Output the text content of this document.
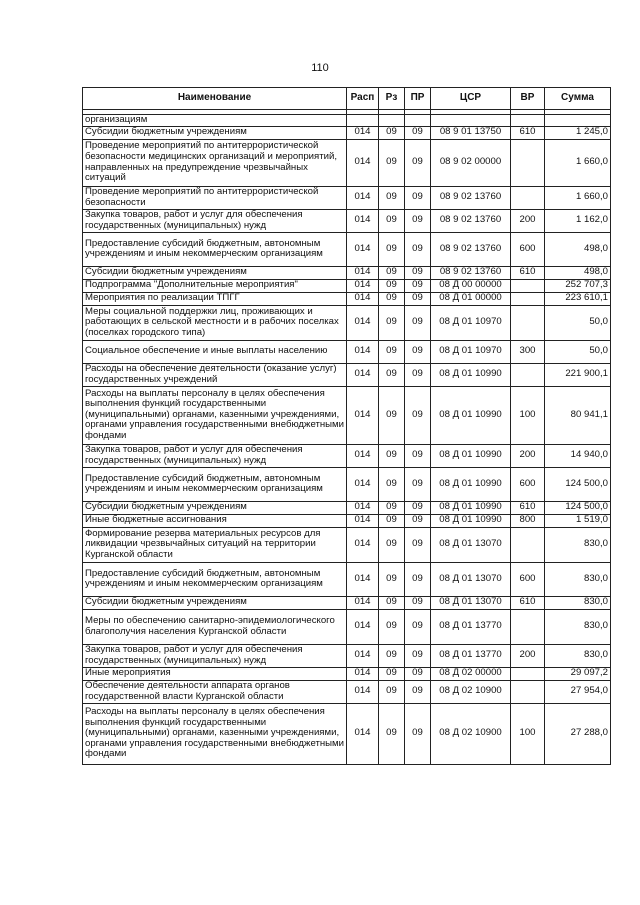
110
Наименование	Расп	Рз	ПР	ЦСР	ВР	Сумма

организациям						
Субсидии бюджетным учреждениям	014	09	09	08 9 01 13750	610	1 245,0
Проведение мероприятий по антитеррористической безопасности медицинских организаций и мероприятий, направленных на предупреждение чрезвычайных ситуаций	014	09	09	08 9 02 00000		1 660,0
Проведение мероприятий по антитеррористической безопасности	014	09	09	08 9 02 13760		1 660,0
Закупка товаров, работ и услуг для обеспечения государственных (муниципальных) нужд	014	09	09	08 9 02 13760	200	1 162,0
Предоставление субсидий бюджетным, автономным учреждениям и иным некоммерческим организациям	014	09	09	08 9 02 13760	600	498,0
Субсидии бюджетным учреждениям	014	09	09	08 9 02 13760	610	498,0
Подпрограмма "Дополнительные мероприятия"	014	09	09	08 Д 00 00000		252 707,3
Мероприятия по реализации ТПГГ	014	09	09	08 Д 01 00000		223 610,1
Меры социальной поддержки лиц, проживающих и работающих в сельской местности и в рабочих поселках (поселках городского типа)	014	09	09	08 Д 01 10970		50,0
Социальное обеспечение и иные выплаты населению	014	09	09	08 Д 01 10970	300	50,0
Расходы на обеспечение деятельности (оказание услуг) государственных учреждений	014	09	09	08 Д 01 10990		221 900,1
Расходы на выплаты персоналу в целях обеспечения выполнения функций государственными (муниципальными) органами, казенными учреждениями, органами управления государственными внебюджетными фондами	014	09	09	08 Д 01 10990	100	80 941,1
Закупка товаров, работ и услуг для обеспечения государственных (муниципальных) нужд	014	09	09	08 Д 01 10990	200	14 940,0
Предоставление субсидий бюджетным, автономным учреждениям и иным некоммерческим организациям	014	09	09	08 Д 01 10990	600	124 500,0
Субсидии бюджетным учреждениям	014	09	09	08 Д 01 10990	610	124 500,0
Иные бюджетные ассигнования	014	09	09	08 Д 01 10990	800	1 519,0
Формирование резерва материальных ресурсов для ликвидации чрезвычайных ситуаций на территории Курганской области	014	09	09	08 Д 01 13070		830,0
Предоставление субсидий бюджетным, автономным учреждениям и иным некоммерческим организациям	014	09	09	08 Д 01 13070	600	830,0
Субсидии бюджетным учреждениям	014	09	09	08 Д 01 13070	610	830,0
Меры по обеспечению санитарно-эпидемиологического благополучия населения Курганской области	014	09	09	08 Д 01 13770		830,0
Закупка товаров, работ и услуг для обеспечения государственных (муниципальных) нужд	014	09	09	08 Д 01 13770	200	830,0
Иные мероприятия	014	09	09	08 Д 02 00000		29 097,2
Обеспечение деятельности аппарата органов государственной власти Курганской области	014	09	09	08 Д 02 10900		27 954,0
Расходы на выплаты персоналу в целях обеспечения выполнения функций государственными (муниципальными) органами, казенными учреждениями, органами управления государственными внебюджетными фондами	014	09	09	08 Д 02 10900	100	27 288,0
